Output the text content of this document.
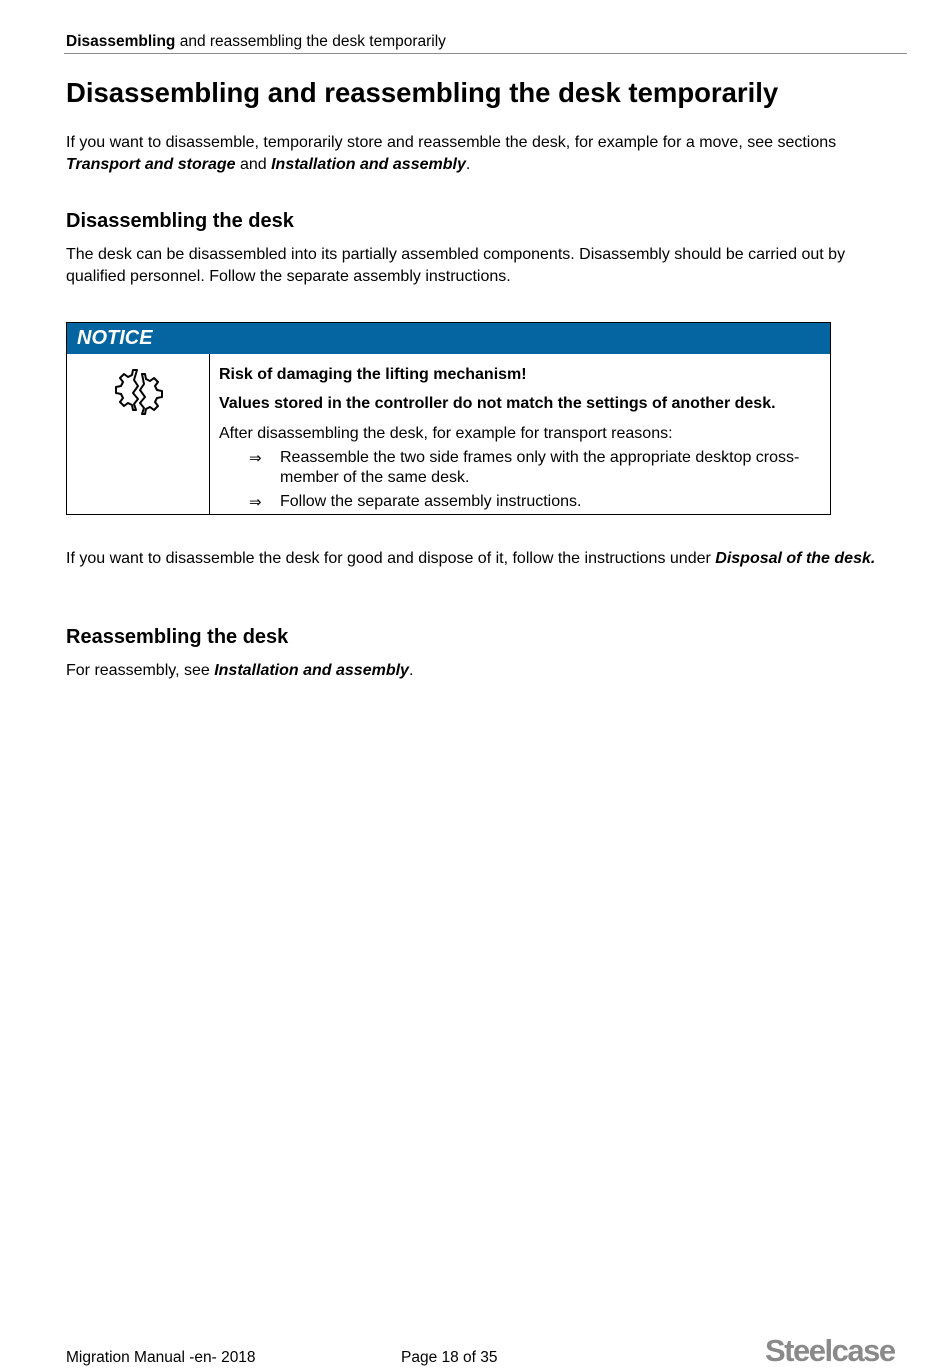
Disassembling and reassembling the desk temporarily
Disassembling and reassembling the desk temporarily

If you want to disassemble, temporarily store and reassemble the desk, for example for a move, see sections Transport and storage and Installation and assembly.

Disassembling the desk

The desk can be disassembled into its partially assembled components. Disassembly should be carried out by qualified personnel. Follow the separate assembly instructions.

NOTICE
Risk of damaging the lifting mechanism!
Values stored in the controller do not match the settings of another desk.
After disassembling the desk, for example for transport reasons:
⇒ Reassemble the two side frames only with the appropriate desktop cross-member of the same desk.
⇒ Follow the separate assembly instructions.

If you want to disassemble the desk for good and dispose of it, follow the instructions under Disposal of the desk.

Reassembling the desk

For reassembly, see Installation and assembly.

Migration Manual -en- 2018	Page 18 of 35	Steelcase
